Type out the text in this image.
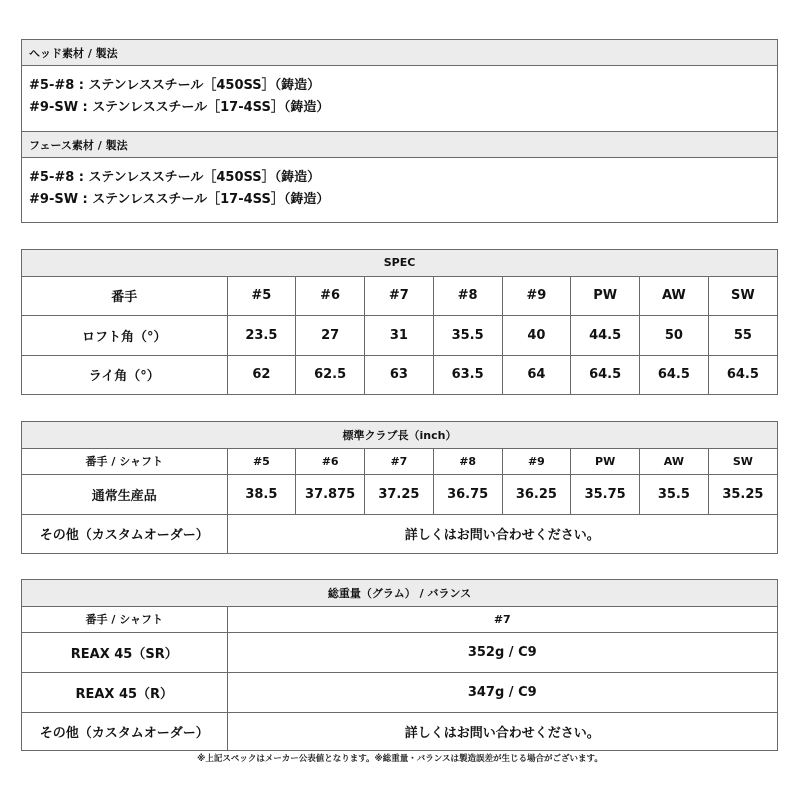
ヘッド素材 / 製法
#5-#8 : ステンレススチール［450SS］（鋳造）
#9-SW : ステンレススチール［17-4SS］（鋳造）
フェース素材 / 製法
#5-#8 : ステンレススチール［450SS］（鋳造）
#9-SW : ステンレススチール［17-4SS］（鋳造）
SPEC								
番手	#5	#6	#7	#8	#9	PW	AW	SW
ロフト角（°）	23.5	27	31	35.5	40	44.5	50	55
ライ角（°）	62	62.5	63	63.5	64	64.5	64.5	64.5
標準クラブ長（inch）								
番手 / シャフト	#5	#6	#7	#8	#9	PW	AW	SW
通常生産品	38.5	37.875	37.25	36.75	36.25	35.75	35.5	35.25
その他（カスタムオーダー）	詳しくはお問い合わせください。							
総重量（グラム） / バランス	
番手 / シャフト	#7
REAX 45（SR）	352g / C9
REAX 45（R）	347g / C9
その他（カスタムオーダー）	詳しくはお問い合わせください。
※上記スペックはメーカー公表値となります。※総重量・バランスは製造誤差が生じる場合がございます。
